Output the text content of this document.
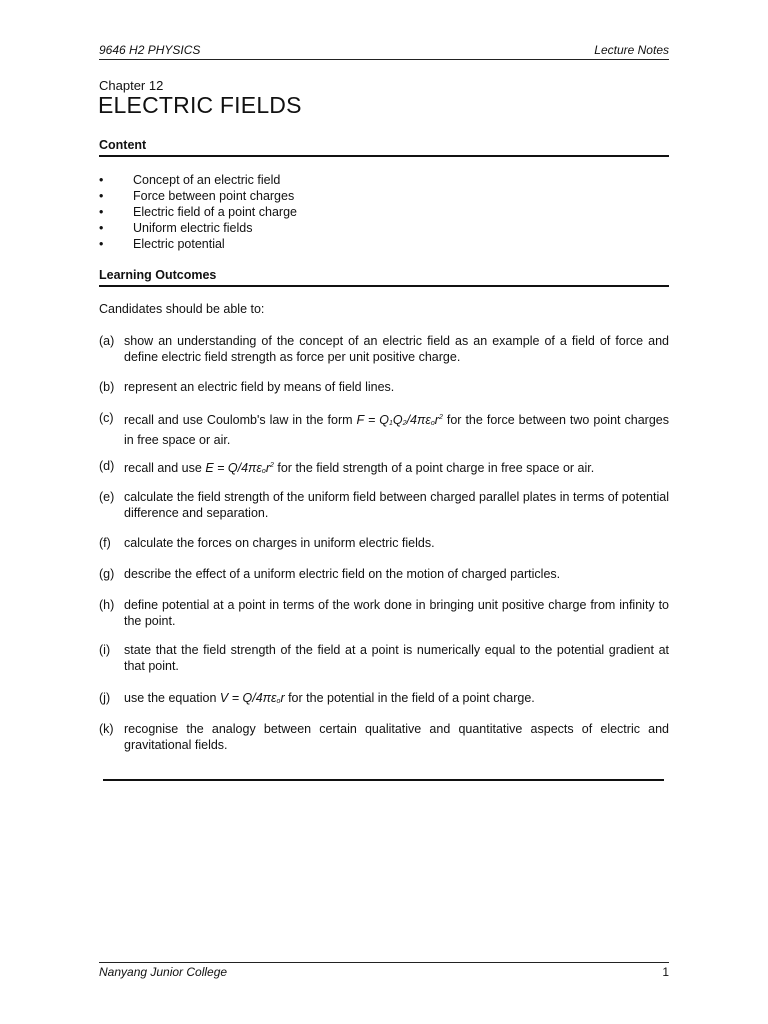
9646 H2 PHYSICS	Lecture Notes
Chapter 12
ELECTRIC FIELDS
Content
• Concept of an electric field
• Force between point charges
• Electric field of a point charge
• Uniform electric fields
• Electric potential
Learning Outcomes
Candidates should be able to:
(a) show an understanding of the concept of an electric field as an example of a field of force and define electric field strength as force per unit positive charge.
(b) represent an electric field by means of field lines.
(c) recall and use Coulomb's law in the form $F = Q_1Q_2/4\pi\varepsilon_or^2$ for the force between two point charges in free space or air.
(d) recall and use $E = Q/4\pi\varepsilon_or^2$ for the field strength of a point charge in free space or air.
(e) calculate the field strength of the uniform field between charged parallel plates in terms of potential difference and separation.
(f) calculate the forces on charges in uniform electric fields.
(g) describe the effect of a uniform electric field on the motion of charged particles.
(h) define potential at a point in terms of the work done in bringing unit positive charge from infinity to the point.
(i) state that the field strength of the field at a point is numerically equal to the potential gradient at that point.
(j) use the equation $V = Q/4\pi\varepsilon_or$ for the potential in the field of a point charge.
(k) recognise the analogy between certain qualitative and quantitative aspects of electric and gravitational fields.
Nanyang Junior College	1
